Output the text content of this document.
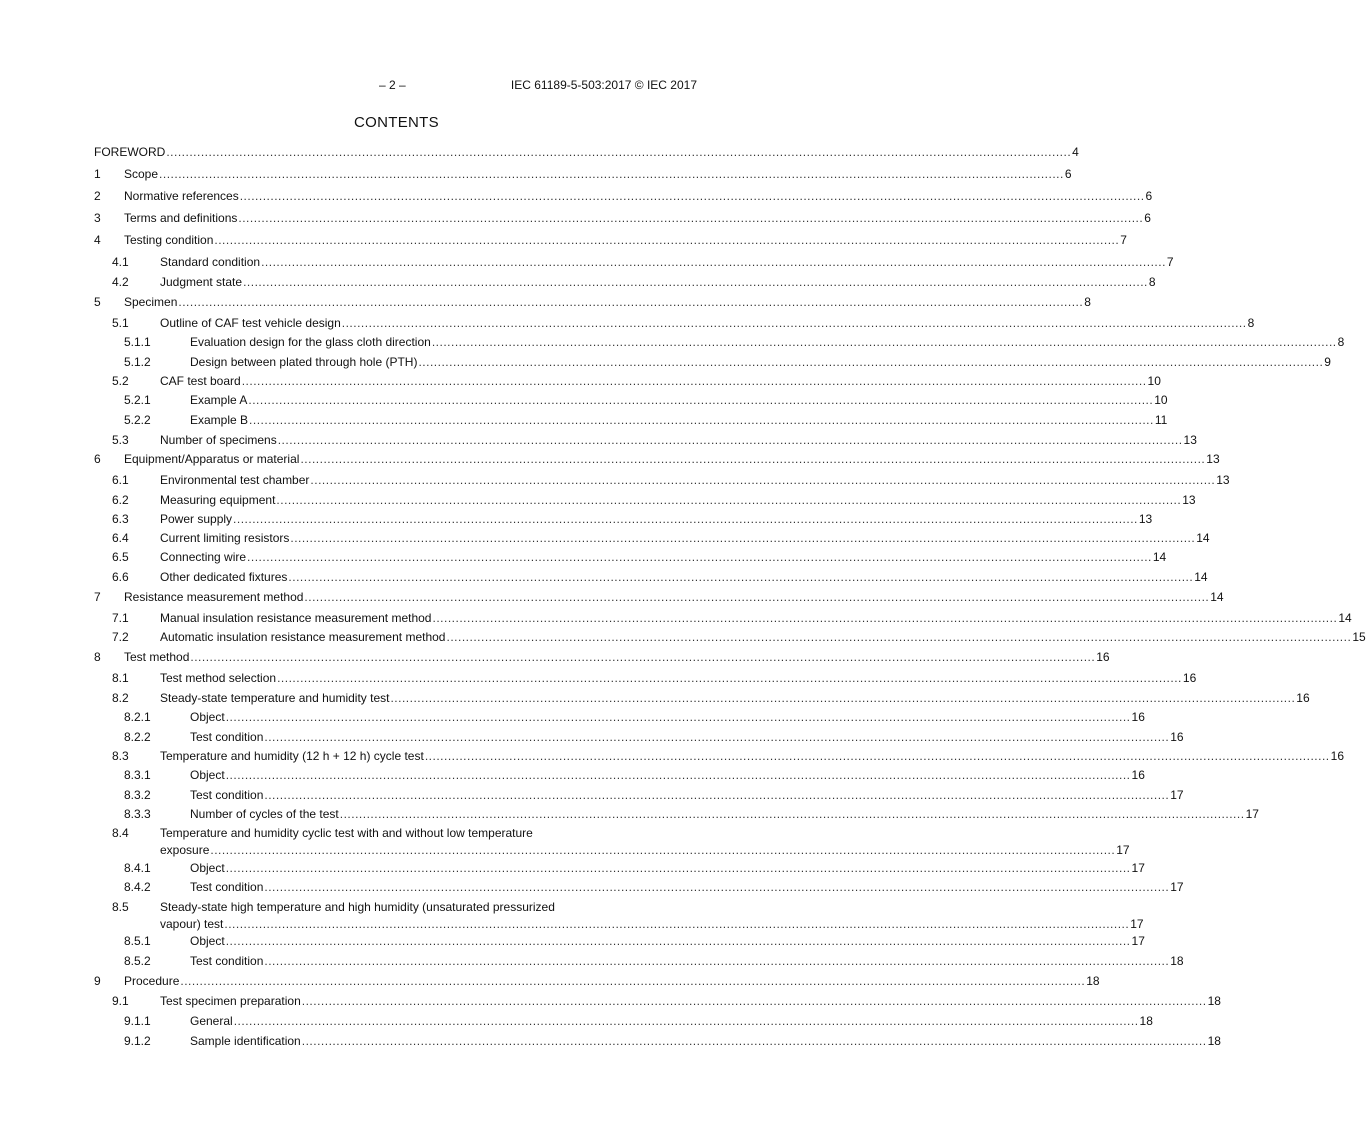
– 2 –	IEC 61189-5-503:2017 © IEC 2017
CONTENTS
FOREWORD ............................................................................................................................................................................................................................................ 4
1 Scope ............................................................................................................................................................................................................................................ 6
2 Normative references ............................................................................................................................................................................................................................................ 6
3 Terms and definitions ............................................................................................................................................................................................................................................ 6
4 Testing condition ............................................................................................................................................................................................................................................ 7
4.1	Standard condition ............................................................................................................................................................................................................................................ 7
4.2	Judgment state ............................................................................................................................................................................................................................................ 8
5 Specimen ............................................................................................................................................................................................................................................ 8
5.1	Outline of CAF test vehicle design ............................................................................................................................................................................................................................................ 8
5.1.1	Evaluation design for the glass cloth direction ............................................................................................................................................................................................................................................ 8
5.1.2	Design between plated through hole (PTH) ............................................................................................................................................................................................................................................ 9
5.2	CAF test board ............................................................................................................................................................................................................................................ 10
5.2.1	Example A ............................................................................................................................................................................................................................................ 10
5.2.2	Example B ............................................................................................................................................................................................................................................ 11
5.3	Number of specimens ............................................................................................................................................................................................................................................ 13
6 Equipment/Apparatus or material ............................................................................................................................................................................................................................................ 13
6.1	Environmental test chamber ............................................................................................................................................................................................................................................ 13
6.2	Measuring equipment ............................................................................................................................................................................................................................................ 13
6.3	Power supply ............................................................................................................................................................................................................................................ 13
6.4	Current limiting resistors ............................................................................................................................................................................................................................................ 14
6.5	Connecting wire ............................................................................................................................................................................................................................................ 14
6.6	Other dedicated fixtures ............................................................................................................................................................................................................................................ 14
7 Resistance measurement method ............................................................................................................................................................................................................................................ 14
7.1	Manual insulation resistance measurement method ............................................................................................................................................................................................................................................ 14
7.2	Automatic insulation resistance measurement method ............................................................................................................................................................................................................................................ 15
8 Test method ............................................................................................................................................................................................................................................ 16
8.1	Test method selection ............................................................................................................................................................................................................................................ 16
8.2	Steady-state temperature and humidity test ............................................................................................................................................................................................................................................ 16
8.2.1	Object ............................................................................................................................................................................................................................................ 16
8.2.2	Test condition ............................................................................................................................................................................................................................................ 16
8.3	Temperature and humidity (12 h + 12 h) cycle test ............................................................................................................................................................................................................................................ 16
8.3.1	Object ............................................................................................................................................................................................................................................ 16
8.3.2	Test condition ............................................................................................................................................................................................................................................ 17
8.3.3	Number of cycles of the test ............................................................................................................................................................................................................................................ 17
8.4	Temperature and humidity cyclic test with and without low temperature
exposure ............................................................................................................................................................................................................................................ 17
8.4.1	Object ............................................................................................................................................................................................................................................ 17
8.4.2	Test condition ............................................................................................................................................................................................................................................ 17
8.5	Steady-state high temperature and high humidity (unsaturated pressurized
vapour) test ............................................................................................................................................................................................................................................ 17
8.5.1	Object ............................................................................................................................................................................................................................................ 17
8.5.2	Test condition ............................................................................................................................................................................................................................................ 18
9 Procedure ............................................................................................................................................................................................................................................ 18
9.1	Test specimen preparation ............................................................................................................................................................................................................................................ 18
9.1.1	General ............................................................................................................................................................................................................................................ 18
9.1.2	Sample identification ............................................................................................................................................................................................................................................ 18
